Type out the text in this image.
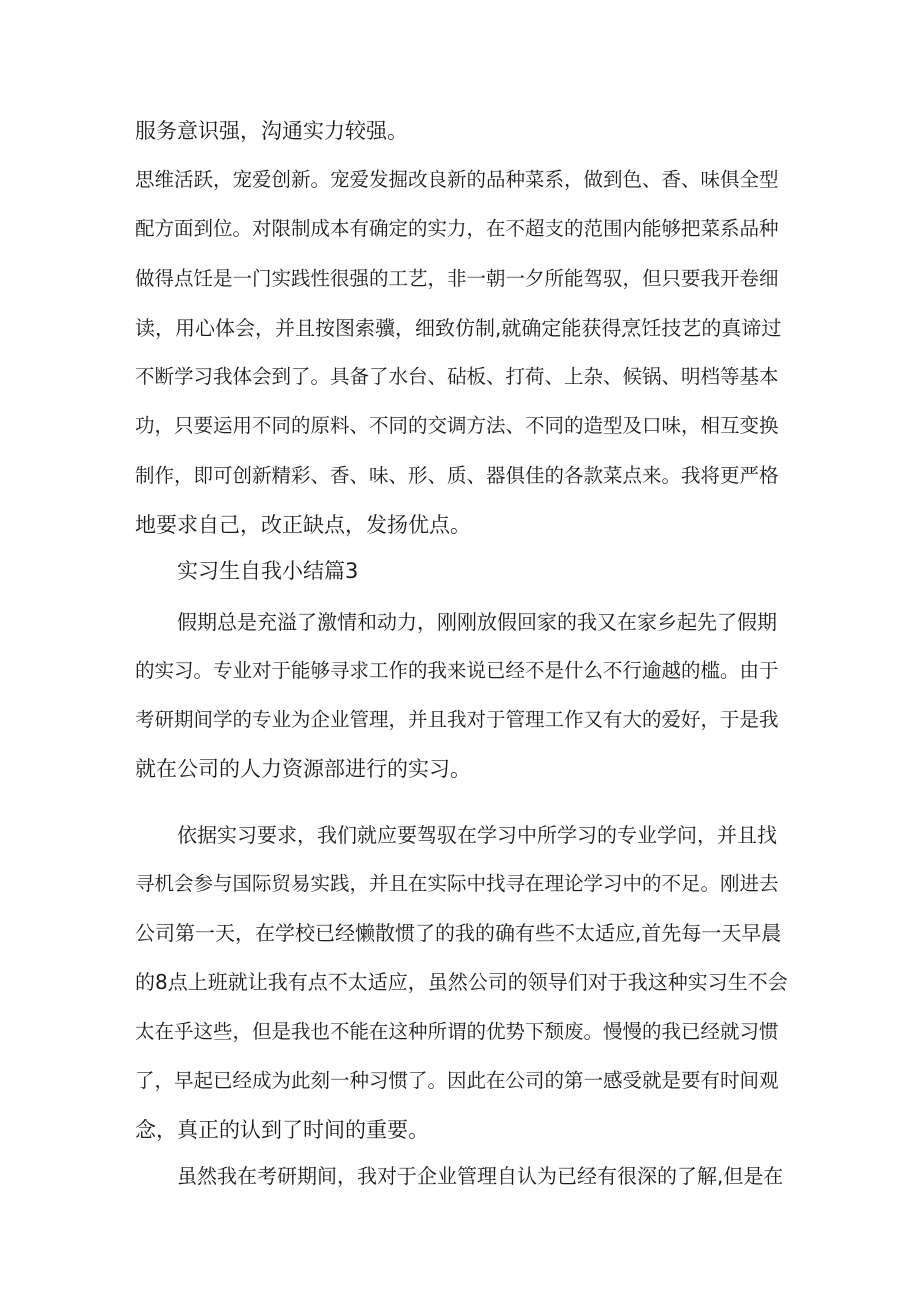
服务意识强，沟通实力较强。
思维活跃，宠爱创新。宠爱发掘改良新的品种菜系，做到色、香、味俱全型
配方面到位。对限制成本有确定的实力，在不超支的范围内能够把菜系品种
做得点饪是一门实践性很强的工艺，非一朝一夕所能驾驭，但只要我开卷细
读，用心体会，并且按图索骥，细致仿制,就确定能获得烹饪技艺的真谛过
不断学习我体会到了。具备了水台、砧板、打荷、上杂、候锅、明档等基本
功，只要运用不同的原料、不同的交调方法、不同的造型及口味，相互变换
制作，即可创新精彩、香、味、形、质、器俱佳的各款菜点来。我将更严格
地要求自己，改正缺点，发扬优点。
实习生自我小结篇3
假期总是充溢了激情和动力，刚刚放假回家的我又在家乡起先了假期
的实习。专业对于能够寻求工作的我来说已经不是什么不行逾越的槛。由于
考研期间学的专业为企业管理，并且我对于管理工作又有大的爱好，于是我
就在公司的人力资源部进行的实习。
依据实习要求，我们就应要驾驭在学习中所学习的专业学问，并且找
寻机会参与国际贸易实践，并且在实际中找寻在理论学习中的不足。刚进去
公司第一天，在学校已经懒散惯了的我的确有些不太适应,首先每一天早晨
的8点上班就让我有点不太适应，虽然公司的领导们对于我这种实习生不会
太在乎这些，但是我也不能在这种所谓的优势下颓废。慢慢的我已经就习惯
了，早起已经成为此刻一种习惯了。因此在公司的第一感受就是要有时间观
念，真正的认到了时间的重要。
虽然我在考研期间，我对于企业管理自认为已经有很深的了解,但是在
